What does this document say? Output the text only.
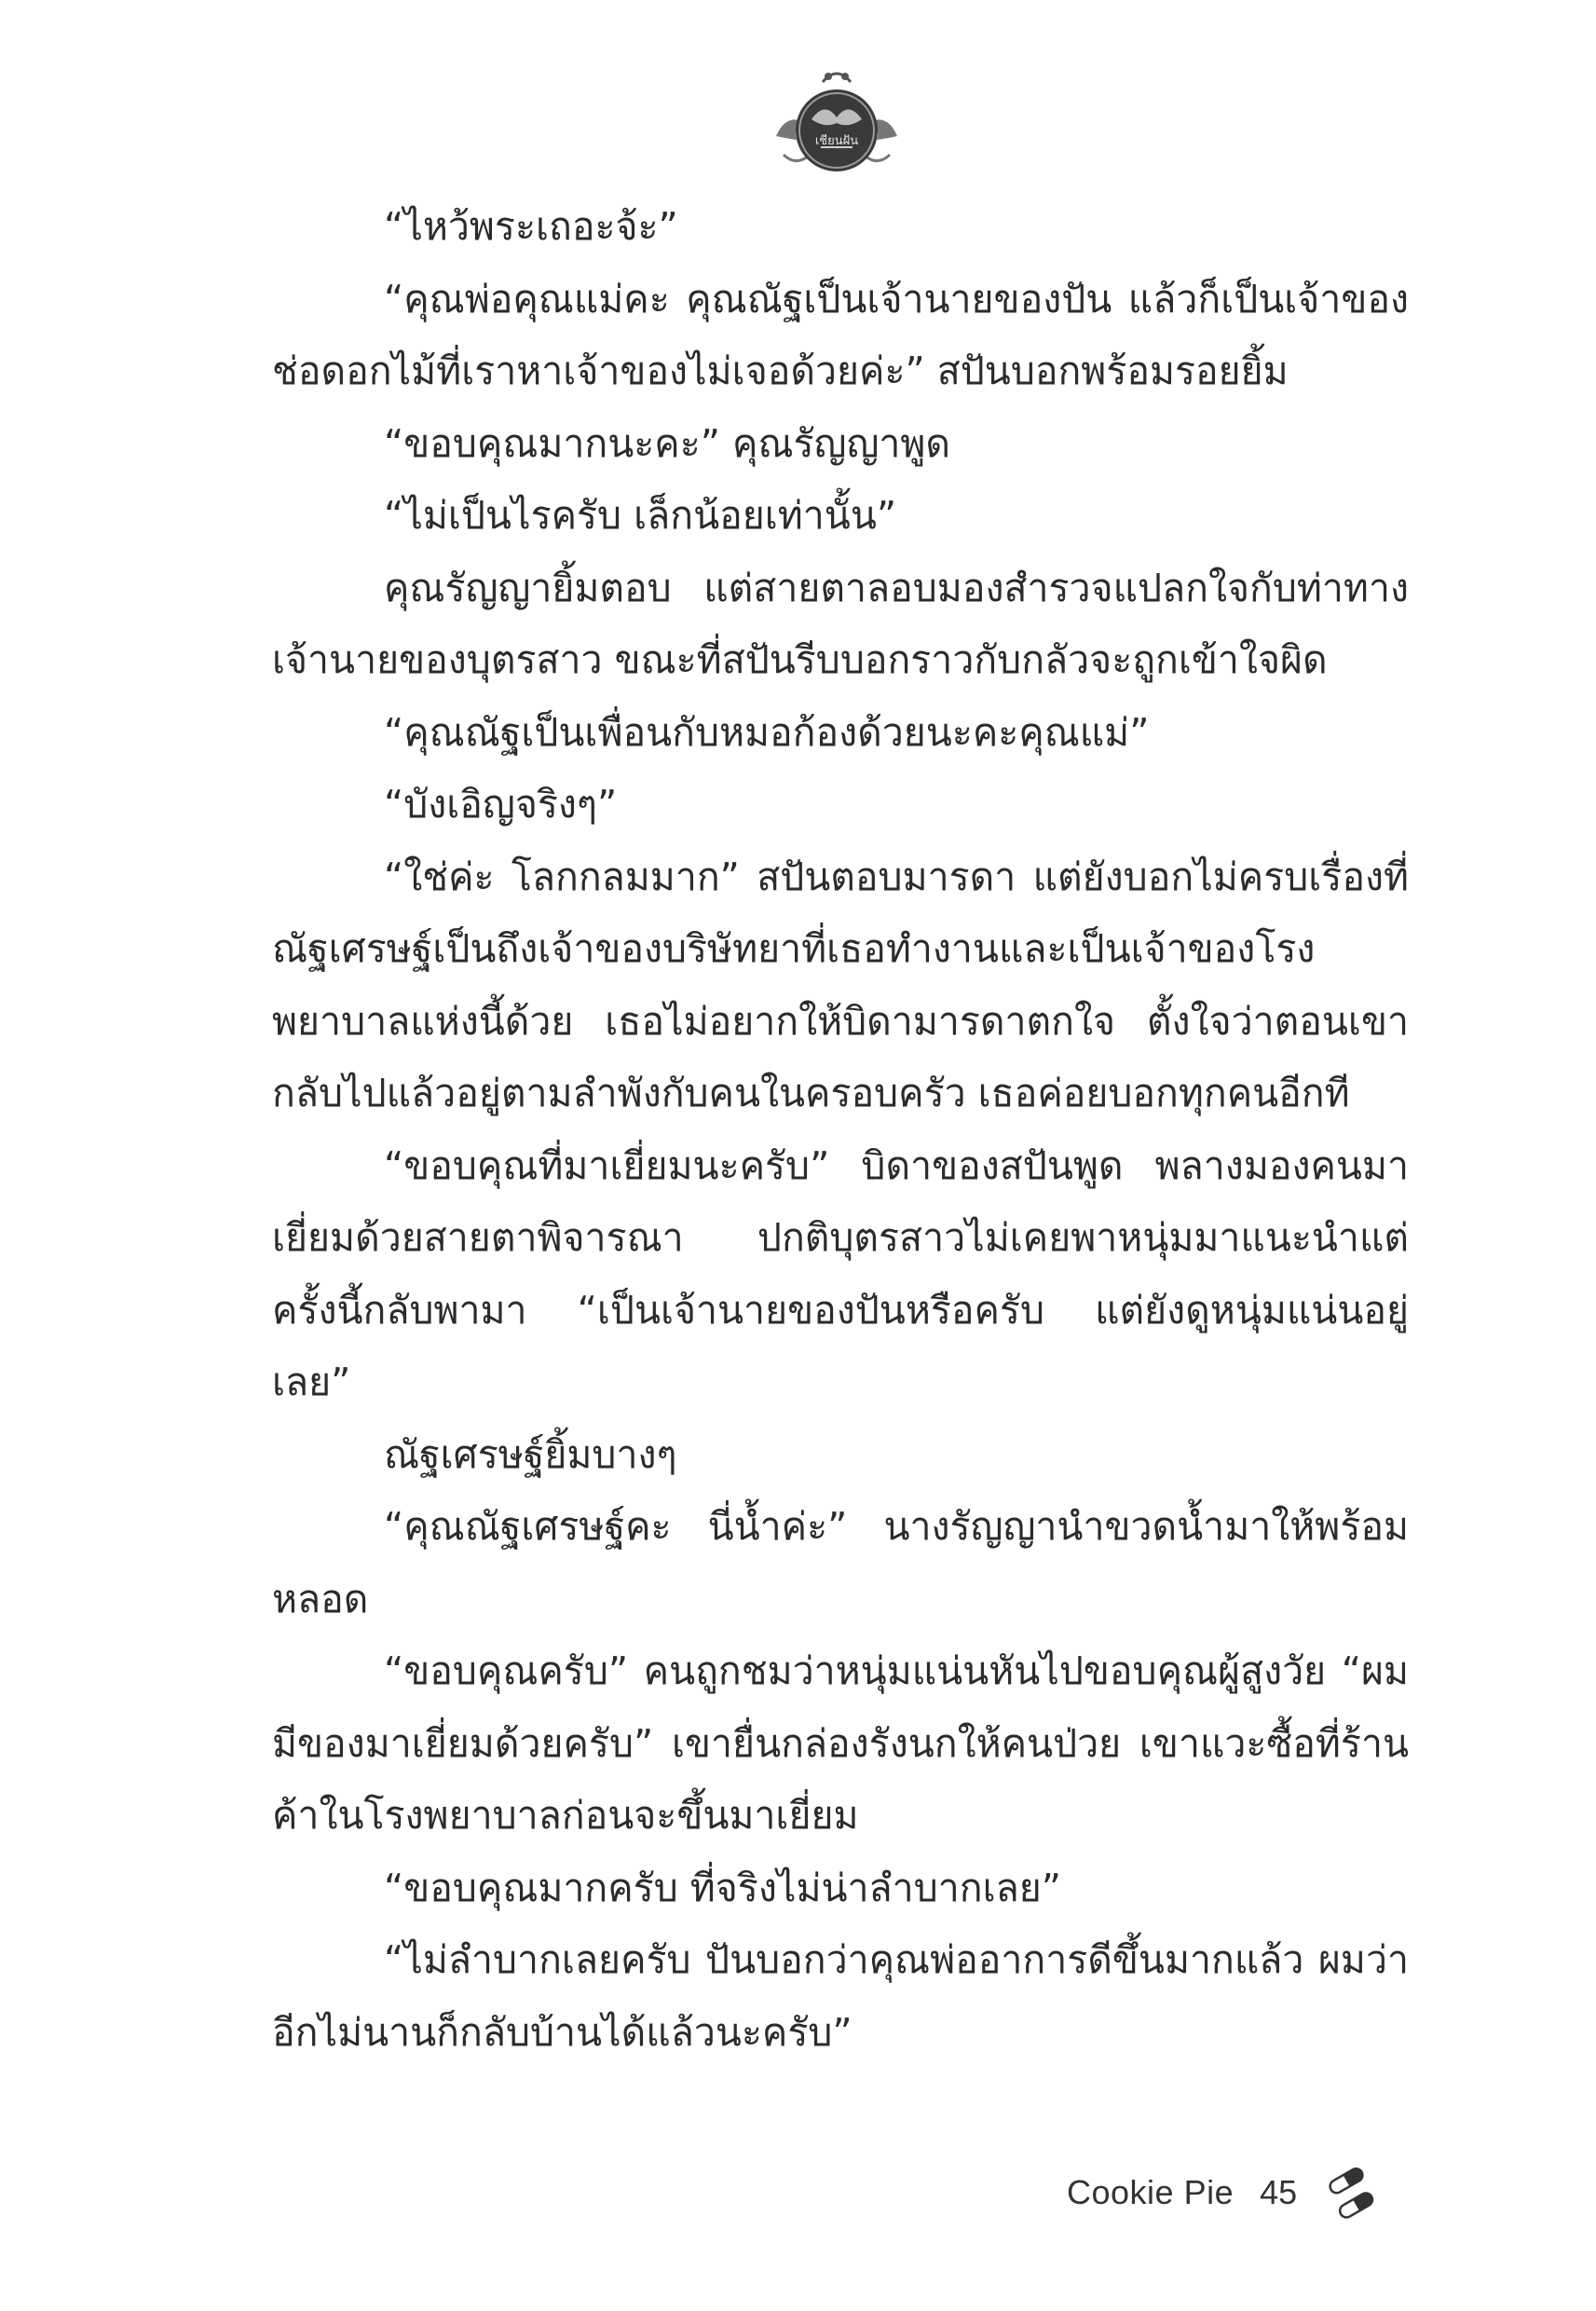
เชียนฝัน

“ไหว้พระเถอะจ้ะ”

“คุณพ่อคุณแม่คะ คุณณัฐเป็นเจ้านายของปัน แล้วก็เป็นเจ้าของช่อดอกไม้ที่เราหาเจ้าของไม่เจอด้วยค่ะ” สปันบอกพร้อมรอยยิ้ม

“ขอบคุณมากนะคะ” คุณรัญญาพูด

“ไม่เป็นไรครับ เล็กน้อยเท่านั้น”

คุณรัญญายิ้มตอบ แต่สายตาลอบมองสำรวจแปลกใจกับท่าทางเจ้านายของบุตรสาว ขณะที่สปันรีบบอกราวกับกลัวจะถูกเข้าใจผิด

“คุณณัฐเป็นเพื่อนกับหมอก้องด้วยนะคะคุณแม่”

“บังเอิญจริงๆ”

“ใช่ค่ะ โลกกลมมาก” สปันตอบมารดา แต่ยังบอกไม่ครบเรื่องที่ณัฐเศรษฐ์เป็นถึงเจ้าของบริษัทยาที่เธอทำงานและเป็นเจ้าของโรงพยาบาลแห่งนี้ด้วย เธอไม่อยากให้บิดามารดาตกใจ ตั้งใจว่าตอนเขากลับไปแล้วอยู่ตามลำพังกับคนในครอบครัว เธอค่อยบอกทุกคนอีกที

“ขอบคุณที่มาเยี่ยมนะครับ” บิดาของสปันพูด พลางมองคนมาเยี่ยมด้วยสายตาพิจารณา ปกติบุตรสาวไม่เคยพาหนุ่มมาแนะนำแต่ครั้งนี้กลับพามา “เป็นเจ้านายของปันหรือครับ แต่ยังดูหนุ่มแน่นอยู่เลย”

ณัฐเศรษฐ์ยิ้มบางๆ

“คุณณัฐเศรษฐ์คะ นี่น้ำค่ะ” นางรัญญานำขวดน้ำมาให้พร้อมหลอด

“ขอบคุณครับ” คนถูกชมว่าหนุ่มแน่นหันไปขอบคุณผู้สูงวัย “ผมมีของมาเยี่ยมด้วยครับ” เขายื่นกล่องรังนกให้คนป่วย เขาแวะซื้อที่ร้านค้าในโรงพยาบาลก่อนจะขึ้นมาเยี่ยม

“ขอบคุณมากครับ ที่จริงไม่น่าลำบากเลย”

“ไม่ลำบากเลยครับ ปันบอกว่าคุณพ่ออาการดีขึ้นมากแล้ว ผมว่าอีกไม่นานก็กลับบ้านได้แล้วนะครับ”

Cookie Pie 45
